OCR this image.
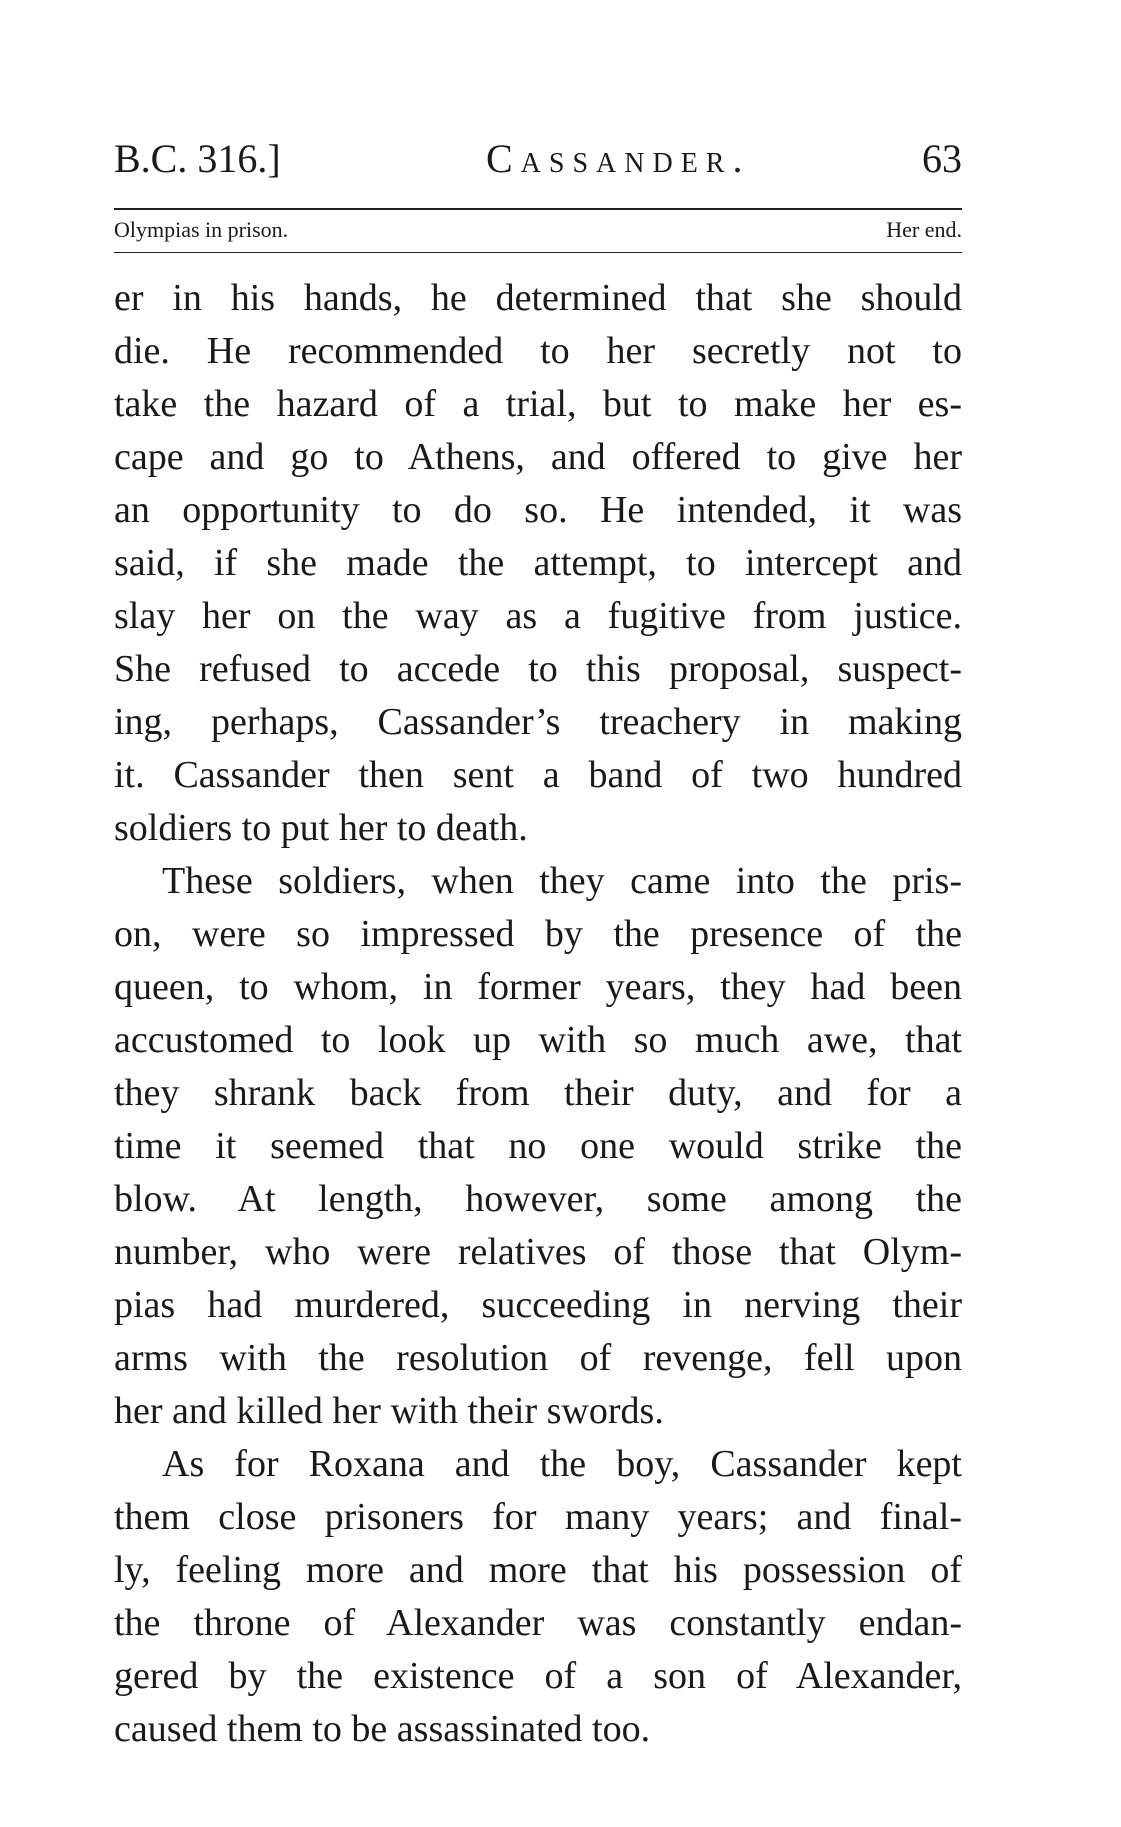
B.C. 316.]	Cassander.	63
Olympias in prison.	Her end.
er in his hands, he determined that she should
die. He recommended to her secretly not to
take the hazard of a trial, but to make her es-
cape and go to Athens, and offered to give her
an opportunity to do so. He intended, it was
said, if she made the attempt, to intercept and
slay her on the way as a fugitive from justice.
She refused to accede to this proposal, suspect-
ing, perhaps, Cassander’s treachery in making
it. Cassander then sent a band of two hundred
soldiers to put her to death.
These soldiers, when they came into the pris-
on, were so impressed by the presence of the
queen, to whom, in former years, they had been
accustomed to look up with so much awe, that
they shrank back from their duty, and for a
time it seemed that no one would strike the
blow. At length, however, some among the
number, who were relatives of those that Olym-
pias had murdered, succeeding in nerving their
arms with the resolution of revenge, fell upon
her and killed her with their swords.
As for Roxana and the boy, Cassander kept
them close prisoners for many years; and final-
ly, feeling more and more that his possession of
the throne of Alexander was constantly endan-
gered by the existence of a son of Alexander,
caused them to be assassinated too.
